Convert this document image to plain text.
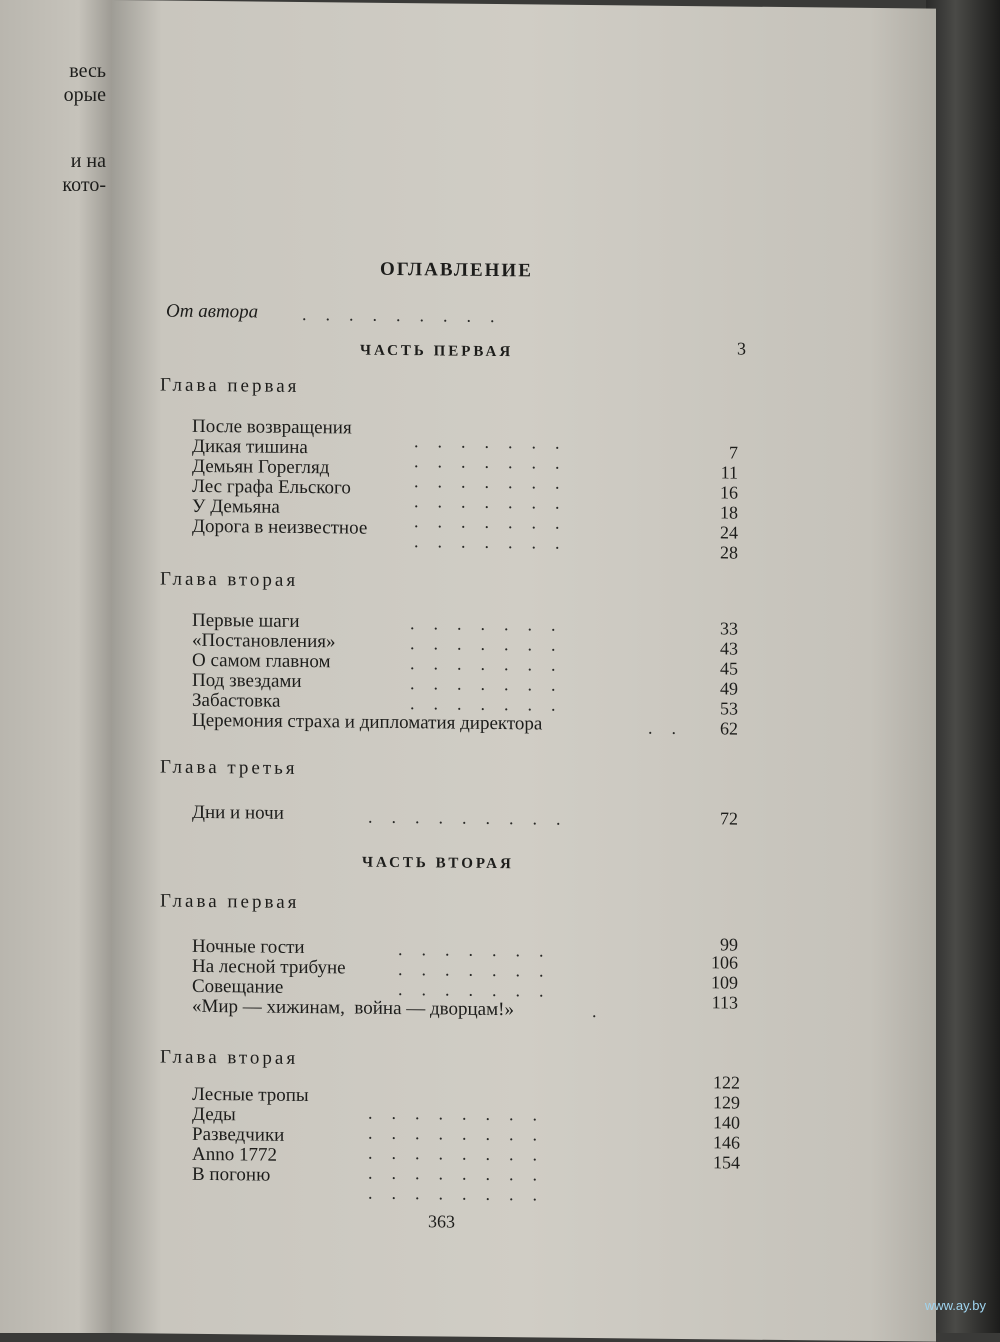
весь
орые
и на
кото-
ОГЛАВЛЕНИЕ
От автора .........
3
ЧАСТЬ ПЕРВАЯ
Глава первая
После возвращения
Дикая тишина
Демьян Горегляд
Лес графа Ельского
У Демьяна
Дорога в неизвестное
.......
.......
.......
.......
.......
.......
7
11
16
18
24
28
Глава вторая
Первые шаги
«Постановления»
О самом главном
Под звездами
Забастовка
Церемония страха и дипломатия директора
.......
.......
.......
.......
.......
..
33
43
45
49
53
62
Глава третья
Дни и ночи	.........	72
ЧАСТЬ ВТОРАЯ
Глава первая
Ночные гости
На лесной трибуне
Совещание
«Мир — хижинам,  война — дворцам!»
.......
.......
.......
.
99
106
109
113
Глава вторая
Лесные тропы
Деды
Разведчики
Anno 1772
В погоню
........
........
........
........
........
122
129
140
146
154
363
www.ay.by
